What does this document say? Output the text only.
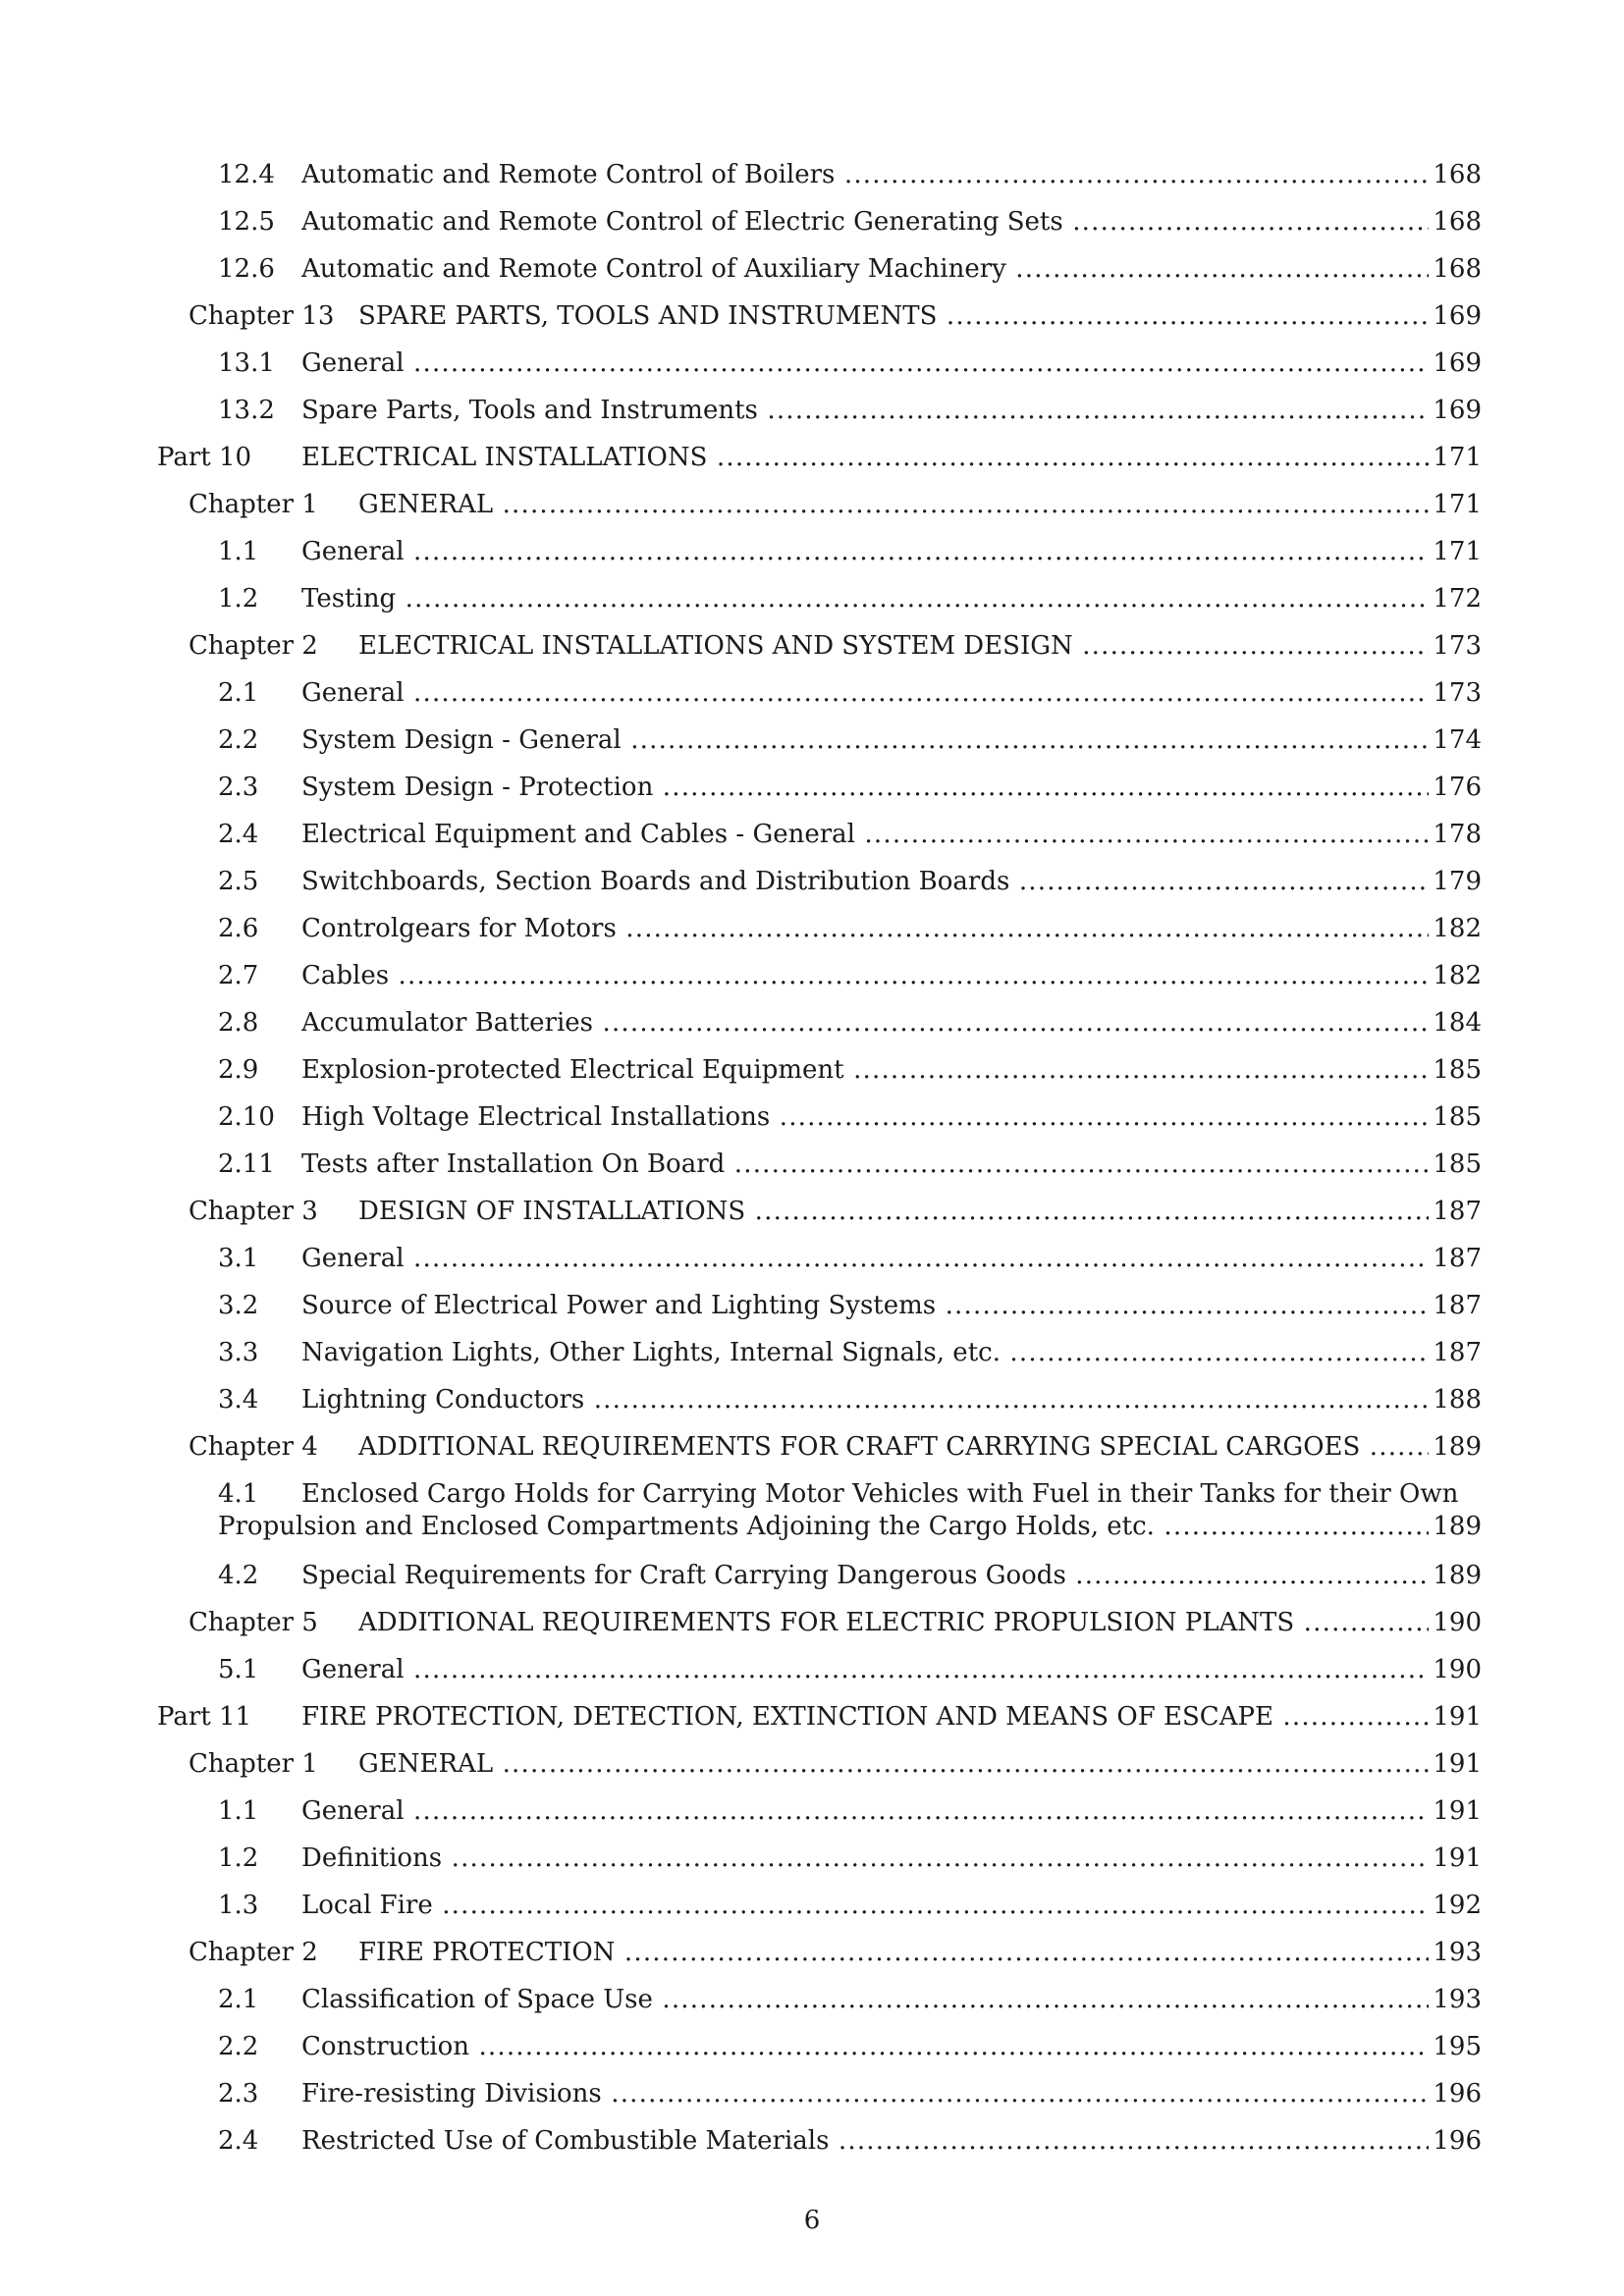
12.4 Automatic and Remote Control of Boilers .....	168
12.5 Automatic and Remote Control of Electric Generating Sets .....	168
12.6 Automatic and Remote Control of Auxiliary Machinery .....	168
Chapter 13 SPARE PARTS, TOOLS AND INSTRUMENTS .....	169
13.1 General .....	169
13.2 Spare Parts, Tools and Instruments .....	169
Part 10 ELECTRICAL INSTALLATIONS .....	171
Chapter 1 GENERAL .....	171
1.1 General .....	171
1.2 Testing .....	172
Chapter 2 ELECTRICAL INSTALLATIONS AND SYSTEM DESIGN .....	173
2.1 General .....	173
2.2 System Design - General .....	174
2.3 System Design - Protection .....	176
2.4 Electrical Equipment and Cables - General .....	178
2.5 Switchboards, Section Boards and Distribution Boards .....	179
2.6 Controlgears for Motors .....	182
2.7 Cables .....	182
2.8 Accumulator Batteries .....	184
2.9 Explosion-protected Electrical Equipment .....	185
2.10 High Voltage Electrical Installations .....	185
2.11 Tests after Installation On Board .....	185
Chapter 3 DESIGN OF INSTALLATIONS .....	187
3.1 General .....	187
3.2 Source of Electrical Power and Lighting Systems .....	187
3.3 Navigation Lights, Other Lights, Internal Signals, etc. .....	187
3.4 Lightning Conductors .....	188
Chapter 4 ADDITIONAL REQUIREMENTS FOR CRAFT CARRYING SPECIAL CARGOES .....	189
4.1 Enclosed Cargo Holds for Carrying Motor Vehicles with Fuel in their Tanks for their Own
Propulsion and Enclosed Compartments Adjoining the Cargo Holds, etc. .....	189
4.2 Special Requirements for Craft Carrying Dangerous Goods .....	189
Chapter 5 ADDITIONAL REQUIREMENTS FOR ELECTRIC PROPULSION PLANTS .....	190
5.1 General .....	190
Part 11 FIRE PROTECTION, DETECTION, EXTINCTION AND MEANS OF ESCAPE .....	191
Chapter 1 GENERAL .....	191
1.1 General .....	191
1.2 Definitions .....	191
1.3 Local Fire .....	192
Chapter 2 FIRE PROTECTION .....	193
2.1 Classification of Space Use .....	193
2.2 Construction .....	195
2.3 Fire-resisting Divisions .....	196
2.4 Restricted Use of Combustible Materials .....	196
6
